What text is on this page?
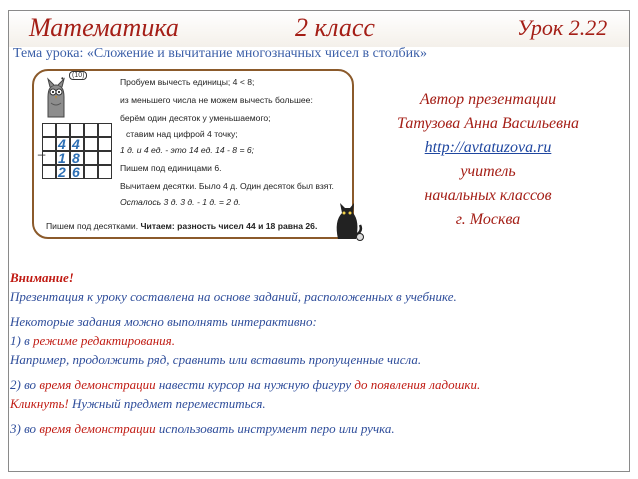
Математика	2 класс	Урок 2.22
Тема урока: «Сложение и вычитание многозначных чисел в столбик»
•	(10)
_ 4 4
1 8
2 6
Пробуем вычесть единицы; 4 < 8;
из меньшего числа не можем вычесть большее:
берём один десяток у уменьшаемого;
ставим над цифрой 4 точку;
1 д. и 4 ед. - это 14 ед. 14 - 8 = 6;
Пишем под единицами 6.
Вычитаем десятки. Было 4 д. Один десяток был взят.
Осталось 3 д. 3 д. - 1 д. = 2 д.
Пишем под десятками. Читаем: разность чисел 44 и 18 равна 26.
Автор презентации
Татузова Анна Васильевна
http://avtatuzova.ru
учитель
начальных классов
г. Москва
Внимание!
Презентация к уроку составлена на основе заданий, расположенных в учебнике.
Некоторые задания можно выполнять интерактивно:
1) в режиме редактирования.
Например, продолжить ряд, сравнить или вставить пропущенные числа.
2) во время демонстрации навести курсор на нужную фигуру до появления ладошки.
Кликнуть! Нужный предмет переместиться.
3) во время демонстрации использовать инструмент перо или ручка.
